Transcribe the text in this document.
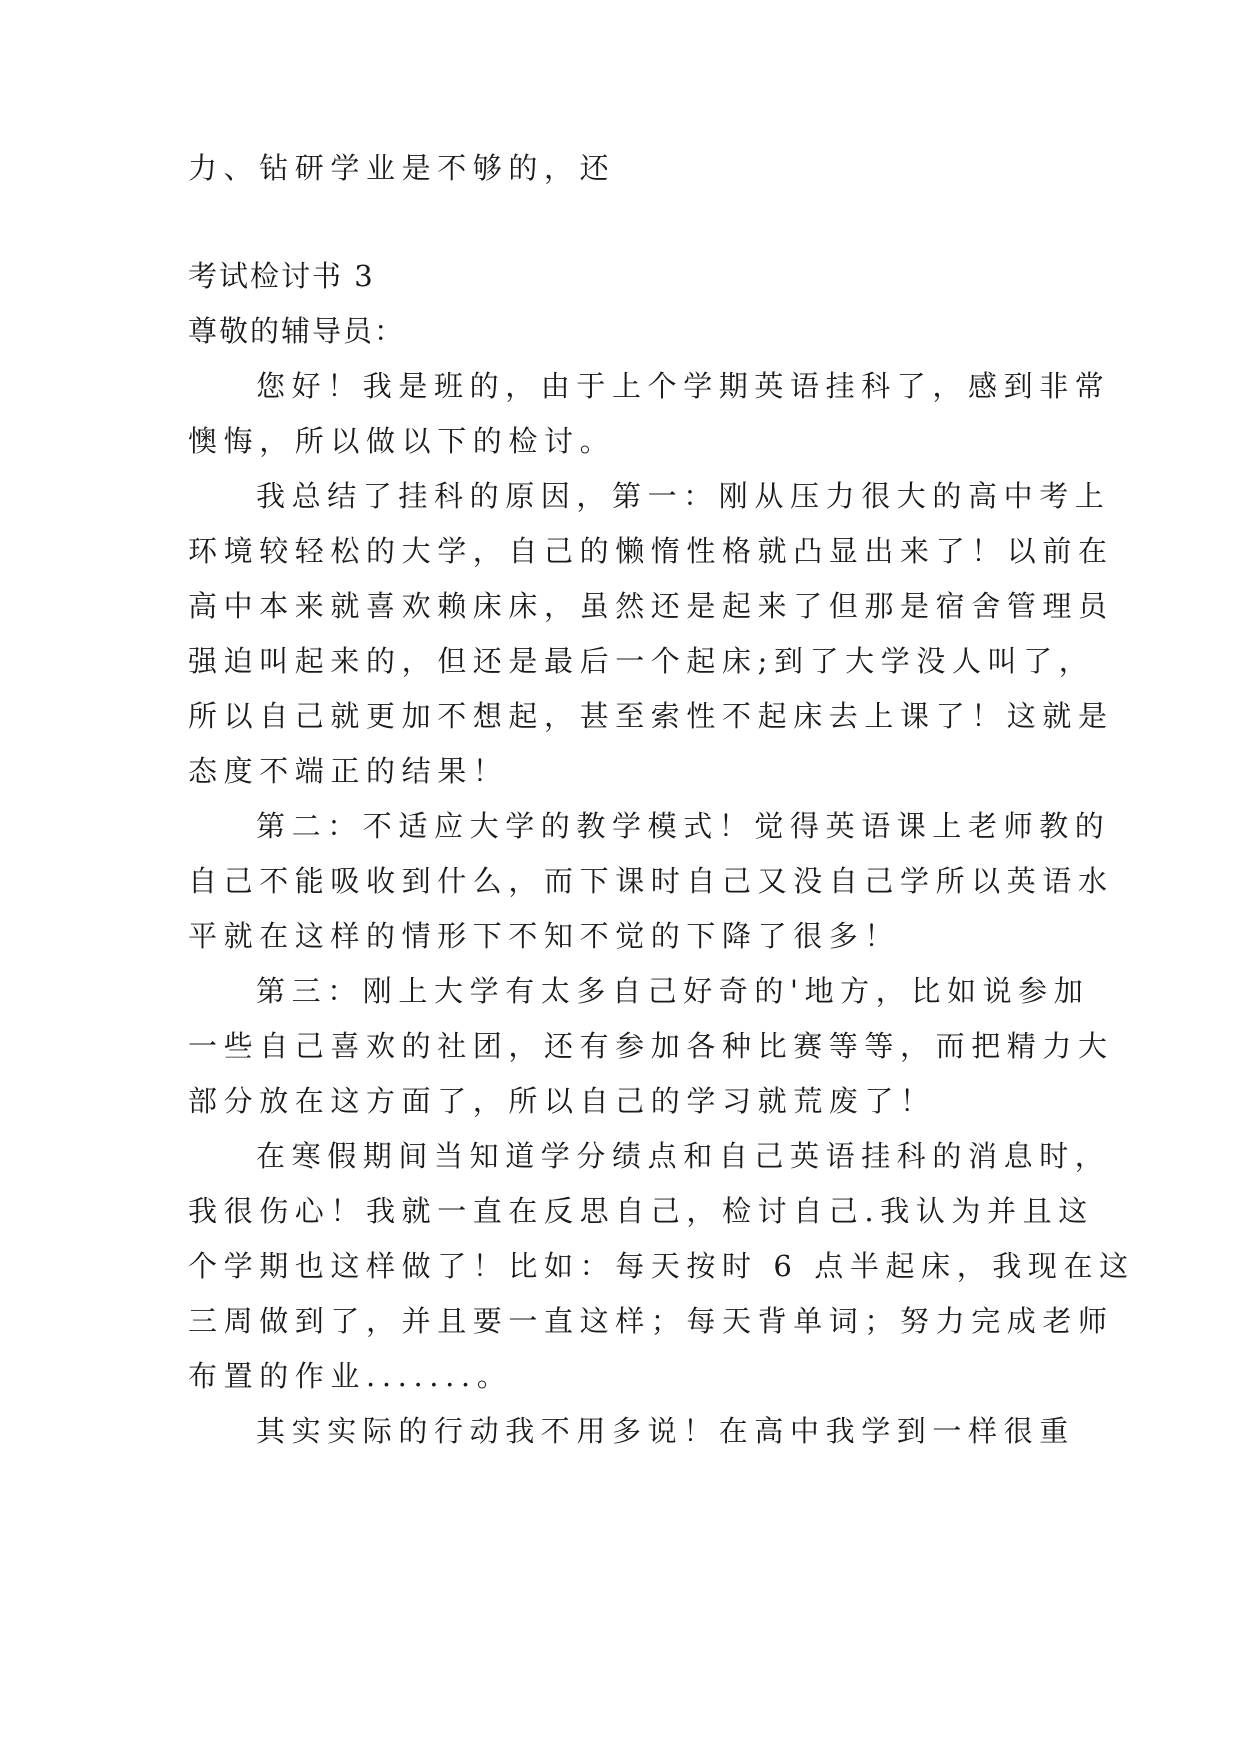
力、钻研学业是不够的，还
考试检讨书 3
尊敬的辅导员：
您好！我是班的，由于上个学期英语挂科了，感到非常
懊悔，所以做以下的检讨。
我总结了挂科的原因，第一：刚从压力很大的高中考上
环境较轻松的大学，自己的懒惰性格就凸显出来了！以前在
高中本来就喜欢赖床床，虽然还是起来了但那是宿舍管理员
强迫叫起来的，但还是最后一个起床;到了大学没人叫了，
所以自己就更加不想起，甚至索性不起床去上课了！这就是
态度不端正的结果！
第二：不适应大学的教学模式！觉得英语课上老师教的
自己不能吸收到什么，而下课时自己又没自己学所以英语水
平就在这样的情形下不知不觉的下降了很多！
第三：刚上大学有太多自己好奇的'地方，比如说参加
一些自己喜欢的社团，还有参加各种比赛等等，而把精力大
部分放在这方面了，所以自己的学习就荒废了！
在寒假期间当知道学分绩点和自己英语挂科的消息时，
我很伤心！我就一直在反思自己，检讨自己.我认为并且这
个学期也这样做了！比如：每天按时 6 点半起床，我现在这
三周做到了，并且要一直这样；每天背单词；努力完成老师
布置的作业.......。
其实实际的行动我不用多说！在高中我学到一样很重
